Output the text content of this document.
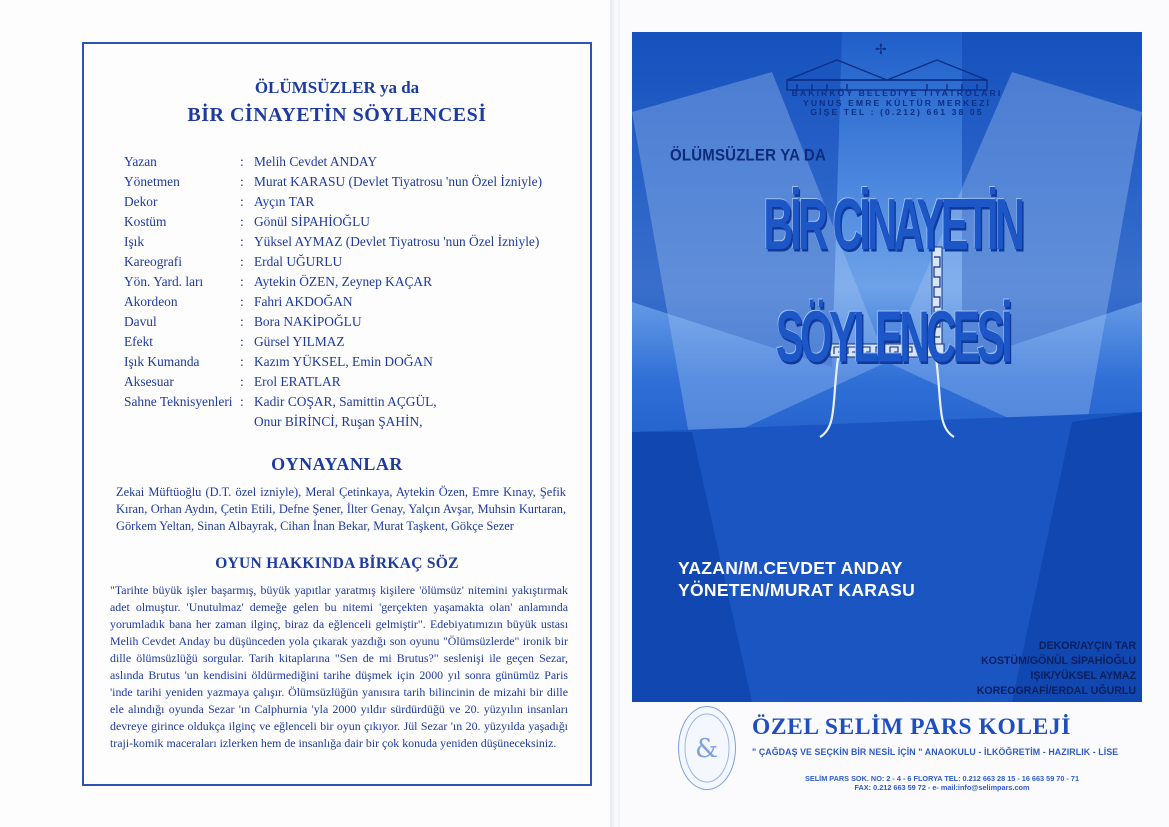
ÖLÜMSÜZLER ya da
BİR CİNAYETİN SÖYLENCESİ
Yazan	: Melih Cevdet ANDAY
Yönetmen	: Murat KARASU (Devlet Tiyatrosu 'nun Özel İzniyle)
Dekor	: Ayçın TAR
Kostüm	: Gönül SİPAHİOĞLU
Işık	: Yüksel AYMAZ (Devlet Tiyatrosu 'nun Özel İzniyle)
Kareografi	: Erdal UĞURLU
Yön. Yard. ları	: Aytekin ÖZEN, Zeynep KAÇAR
Akordeon	: Fahri AKDOĞAN
Davul	: Bora NAKİPOĞLU
Efekt	: Gürsel YILMAZ
Işık Kumanda	: Kazım YÜKSEL, Emin DOĞAN
Aksesuar	: Erol ERATLAR
Sahne Teknisyenleri : Kadir COŞAR, Samittin AÇGÜL,
Onur BİRİNCİ, Ruşan ŞAHİN,
OYNAYANLAR
Zekai Müftüoğlu (D.T. özel izniyle), Meral Çetinkaya, Aytekin Özen, Emre Kınay, Şefik Kıran, Orhan Aydın, Çetin Etili, Defne Şener, İlter Genay, Yalçın Avşar, Muhsin Kurtaran, Görkem Yeltan, Sinan Albayrak, Cihan İnan Bekar, Murat Taşkent, Gökçe Sezer
OYUN HAKKINDA BİRKAÇ SÖZ
"Tarihte büyük işler başarmış, büyük yapıtlar yaratmış kişilere 'ölümsüz' nitemini yakıştırmak adet olmuştur. 'Unutulmaz' demeğe gelen bu nitemi 'gerçekten yaşamakta olan' anlamında yorumladık bana her zaman ilginç, biraz da eğlenceli gelmiştir". Edebiyatımızın büyük ustası Melih Cevdet Anday bu düşünceden yola çıkarak yazdığı son oyunu "Ölümsüzlerde" ironik bir dille ölümsüzlüğü sorgular. Tarih kitaplarına "Sen de mi Brutus?" seslenişi ile geçen Sezar, aslında Brutus 'un kendisini öldürmediğini tarihe düşmek için 2000 yıl sonra günümüz Paris 'inde tarihi yeniden yazmaya çalışır. Ölümsüzlüğün yanısıra tarih bilincinin de mizahi bir dille ele alındığı oyunda Sezar 'ın Calphurnia 'yla 2000 yıldır sürdürdüğü ve 20. yüzyılın insanları devreye girince oldukça ilginç ve eğlenceli bir oyun çıkıyor. Jül Sezar 'ın 20. yüzyılda yaşadığı traji-komik maceraları izlerken hem de insanlığa dair bir çok konuda yeniden düşüneceksiniz.
✢
BAKIRKÖY BELEDİYE TİYATROLARI
YUNUS EMRE KÜLTÜR MERKEZİ
GİŞE TEL : (0.212) 661 38 05
ÖLÜMSÜZLER YA DA
BİR CİNAYETİN SÖYLENCESİ
YAZAN/M.CEVDET ANDAY
YÖNETEN/MURAT KARASU
DEKOR/AYÇIN TAR
KOSTÜM/GÖNÜL SİPAHİOĞLU
IŞIK/YÜKSEL AYMAZ
KOREOGRAFİ/ERDAL UĞURLU
&
ÖZEL SELİM PARS KOLEJİ
" ÇAĞDAŞ VE SEÇKİN BİR NESİL İÇİN " ANAOKULU - İLKÖĞRETİM - HAZIRLIK - LİSE
SELİM PARS SOK. NO: 2 - 4 - 6 FLORYA TEL: 0.212 663 28 15 - 16 663 59 70 - 71
FAX: 0.212 663 59 72 - e- mail:info@selimpars.com
